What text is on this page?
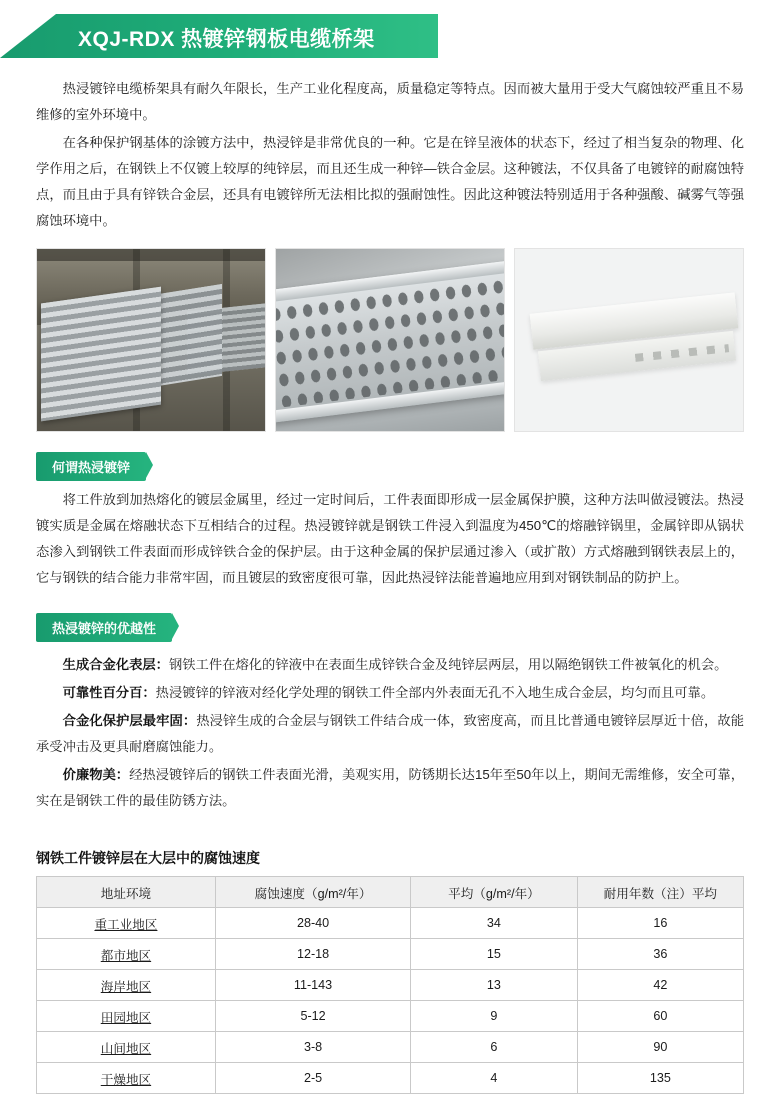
XQJ-RDX 热镀锌钢板电缆桥架

热浸镀锌电缆桥架具有耐久年限长，生产工业化程度高，质量稳定等特点。因而被大量用于受大气腐蚀较严重且不易维修的室外环境中。

在各种保护钢基体的涂镀方法中，热浸锌是非常优良的一种。它是在锌呈液体的状态下，经过了相当复杂的物理、化学作用之后，在钢铁上不仅镀上较厚的纯锌层，而且还生成一种锌—铁合金层。这种镀法，不仅具备了电镀锌的耐腐蚀特点，而且由于具有锌铁合金层，还具有电镀锌所无法相比拟的强耐蚀性。因此这种镀法特别适用于各种强酸、碱雾气等强腐蚀环境中。

何谓热浸镀锌

将工件放到加热熔化的镀层金属里，经过一定时间后，工件表面即形成一层金属保护膜，这种方法叫做浸镀法。热浸镀实质是金属在熔融状态下互相结合的过程。热浸镀锌就是钢铁工件浸入到温度为450℃的熔融锌锅里，金属锌即从锅状态渗入到钢铁工件表面而形成锌铁合金的保护层。由于这种金属的保护层通过渗入（或扩散）方式熔融到钢铁表层上的，它与钢铁的结合能力非常牢固，而且镀层的致密度很可靠，因此热浸锌法能普遍地应用到对钢铁制品的防护上。

热浸镀锌的优越性

生成合金化表层：钢铁工件在熔化的锌液中在表面生成锌铁合金及纯锌层两层，用以隔绝钢铁工件被氧化的机会。

可靠性百分百：热浸镀锌的锌液对经化学处理的钢铁工件全部内外表面无孔不入地生成合金层，均匀而且可靠。

合金化保护层最牢固：热浸锌生成的合金层与钢铁工件结合成一体，致密度高，而且比普通电镀锌层厚近十倍，故能承受冲击及更具耐磨腐蚀能力。

价廉物美：经热浸镀锌后的钢铁工件表面光滑，美观实用，防锈期长达15年至50年以上，期间无需维修，安全可靠，实在是钢铁工件的最佳防锈方法。

钢铁工件镀锌层在大层中的腐蚀速度
地址环境	腐蚀速度（g/m²/年）	平均（g/m²/年）	耐用年数（注）平均
重工业地区	28-40	34	16
都市地区	12-18	15	36
海岸地区	11-143	13	42
田园地区	5-12	9	60
山间地区	3-8	6	90
干燥地区	2-5	4	135
